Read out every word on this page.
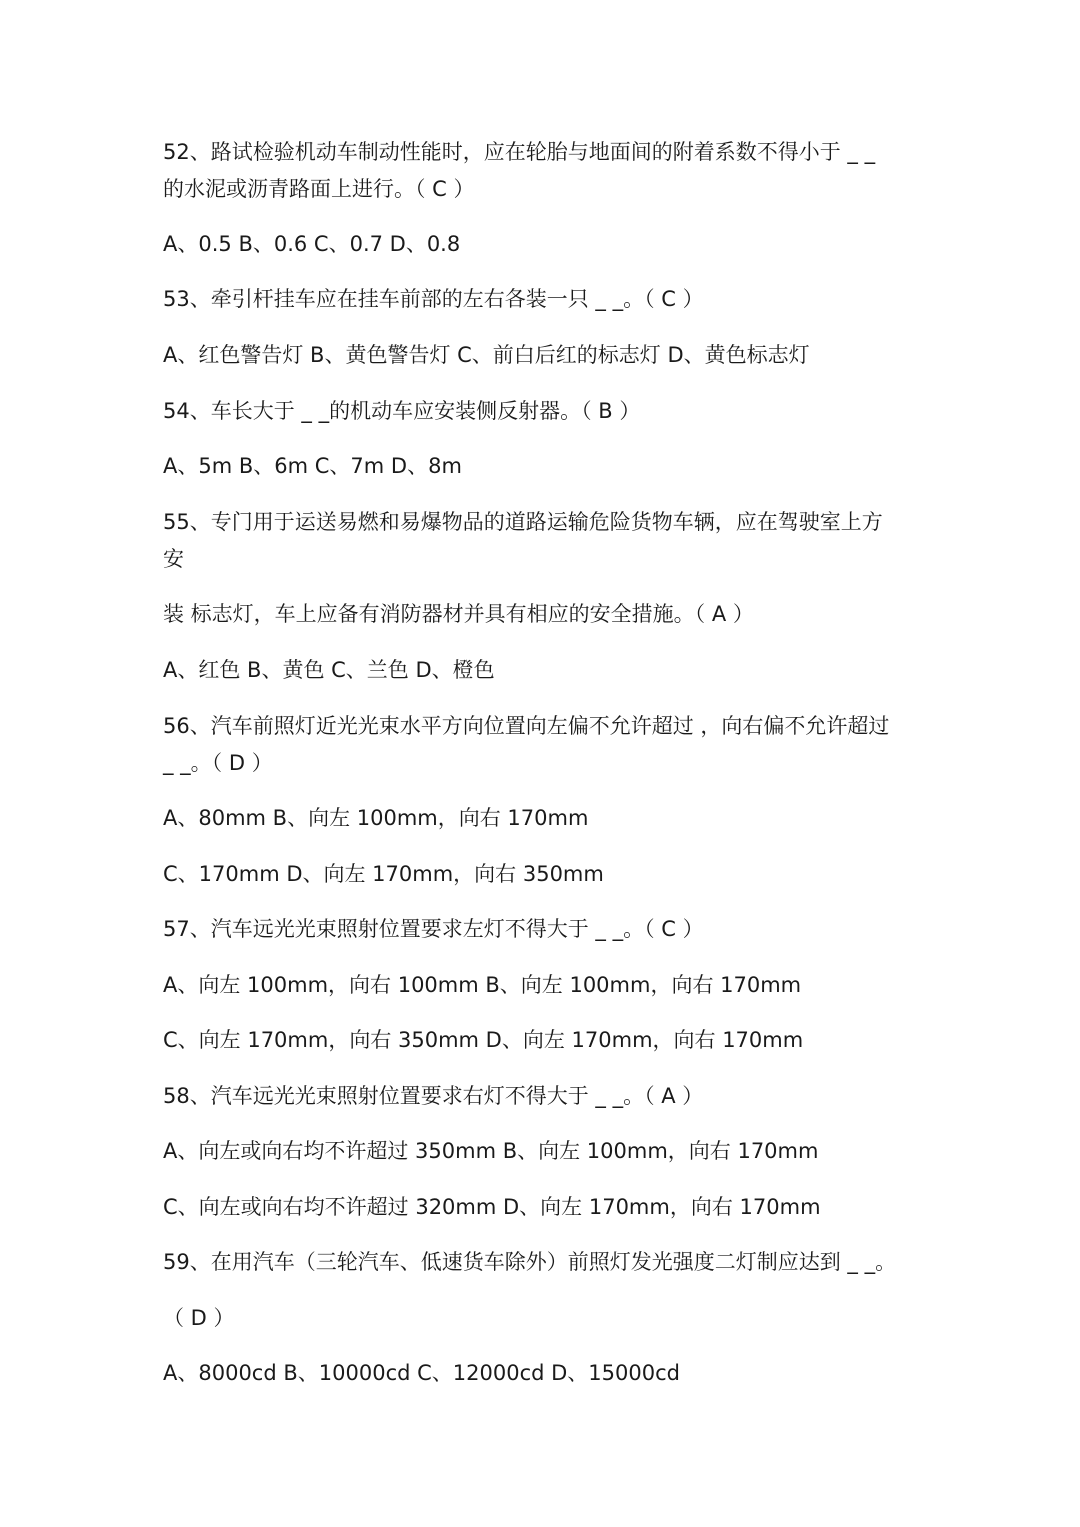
52、路试检验机动车制动性能时，应在轮胎与地面间的附着系数不得小于 _ _
的水泥或沥青路面上进行。（ C ）
A、0.5 B、0.6 C、0.7 D、0.8
53、牵引杆挂车应在挂车前部的左右各装一只 _ _。（ C ）
A、红色警告灯 B、黄色警告灯 C、前白后红的标志灯 D、黄色标志灯
54、车长大于 _ _的机动车应安装侧反射器。（ B ）
A、5m B、6m C、7m D、8m
55、专门用于运送易燃和易爆物品的道路运输危险货物车辆，应在驾驶室上方
安
装 标志灯，车上应备有消防器材并具有相应的安全措施。（ A ）
A、红色 B、黄色 C、兰色 D、橙色
56、汽车前照灯近光光束水平方向位置向左偏不允许超过 ，向右偏不允许超过
_ _。（ D ）
A、80mm B、向左 100mm，向右 170mm
C、170mm D、向左 170mm，向右 350mm
57、汽车远光光束照射位置要求左灯不得大于 _ _。（ C ）
A、向左 100mm，向右 100mm B、向左 100mm，向右 170mm
C、向左 170mm，向右 350mm D、向左 170mm，向右 170mm
58、汽车远光光束照射位置要求右灯不得大于 _ _。（ A ）
A、向左或向右均不许超过 350mm B、向左 100mm，向右 170mm
C、向左或向右均不许超过 320mm D、向左 170mm，向右 170mm
59、在用汽车（三轮汽车、低速货车除外）前照灯发光强度二灯制应达到 _ _。
（ D ）
A、8000cd B、10000cd C、12000cd D、15000cd
